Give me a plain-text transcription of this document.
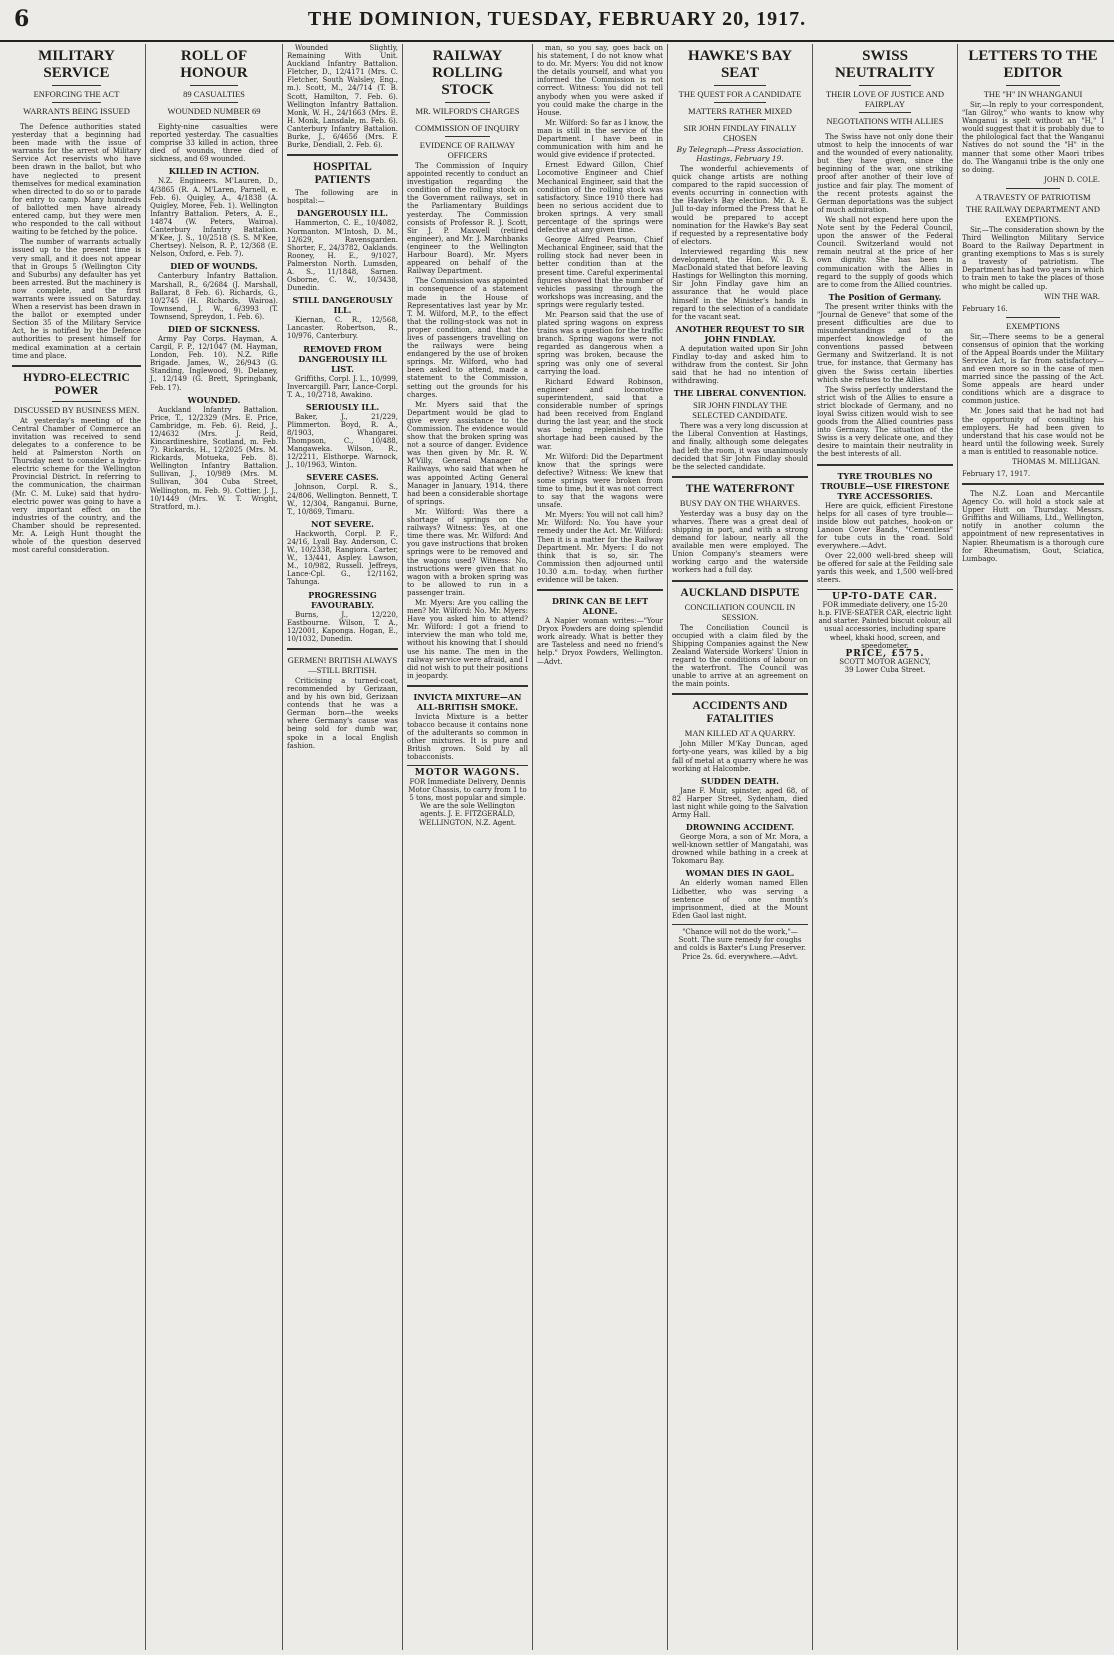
6	THE DOMINION, TUESDAY, FEBRUARY 20, 1917.
MILITARY SERVICE
ENFORCING THE ACT
WARRANTS BEING ISSUED

The Defence authorities stated yesterday that a beginning had been made with the issue of warrants for the arrest of Military Service Act reservists who have been drawn in the ballot, but who have neglected to present themselves for medical examination when directed to do so or to parade for entry to camp. Many hundreds of ballotted men have already entered camp, but they were men who responded to the call without waiting to be fetched by the police.

The number of warrants actually issued up to the present time is very small, and it does not appear that in Groups 5 (Wellington City and Suburbs) any defaulter has yet been arrested. But the machinery is now complete, and the first warrants were issued on Saturday. When a reservist has been drawn in the ballot or exempted under Section 35 of the Military Service Act, he is notified by the Defence authorities to present himself for medical examination at a certain time and place.

HYDRO-ELECTRIC POWER
DISCUSSED BY BUSINESS MEN.

At yesterday's meeting of the Central Chamber of Commerce an invitation was received to send delegates to a conference to be held at Palmerston North on Thursday next to consider a hydro-electric scheme for the Wellington Provincial District. In referring to the communication, the chairman (Mr. C. M. Luke) said that hydro-electric power was going to have a very important effect on the industries of the country, and the Chamber should be represented. Mr. A. Leigh Hunt thought the whole of the question deserved most careful consideration.

ROLL OF HONOUR
89 CASUALTIES
WOUNDED NUMBER 69

Eighty-nine casualties were reported yesterday. The casualties comprise 33 killed in action, three died of wounds, three died of sickness, and 69 wounded.

KILLED IN ACTION.

N.Z. Engineers. M'Lauren, D., 4/3865 (R. A. M'Laren, Parnell, e. Feb. 6). Quigley, A., 4/1838 (A. Quigley, Moree, Feb. 1). Wellington Infantry Battalion. Peters, A. E., 14874 (W. Peters, Wairoa). Canterbury Infantry Battalion. M'Kee, J. S., 10/2518 (S. S. M'Kee, Chertsey). Nelson, R. P., 12/368 (E. Nelson, Oxford, e. Feb. 7).

DIED OF WOUNDS.

Canterbury Infantry Battalion. Marshall, R., 6/2684 (J. Marshall, Ballarat, 8 Feb. 6). Richards, G., 10/2745 (H. Richards, Wairoa). Townsend, J. W., 6/3993 (T. Townsend, Spreydon, 1. Feb. 6).

DIED OF SICKNESS.

Army Pay Corps. Hayman, A. Cargil, F. P., 12/1047 (M. Hayman, London, Feb. 10). N.Z. Rifle Brigade. James, W., 26/943 (G. Standing, Inglewood, 9). Delaney, J., 12/149 (G. Brett, Springbank, Feb. 17).

WOUNDED.

Auckland Infantry Battalion. Price, T., 12/2329 (Mrs. E. Price, Cambridge, m. Feb. 6). Reid, J., 12/4632 (Mrs. J. Reid, Kincardineshire, Scotland, m. Feb. 7). Rickards, H., 12/2025 (Mrs. M. Rickards, Motueka, Feb. 8). Wellington Infantry Battalion. Sullivan, J., 10/989 (Mrs. M. Sullivan, 304 Cuba Street, Wellington, m. Feb. 9). Cottier, J. J., 10/1449 (Mrs. W. T. Wright, Stratford, m.).

Wounded Slightly, Remaining With Unit. Auckland Infantry Battalion. Fletcher, D., 12/4171 (Mrs. C. Fletcher, South Walsley, Eng., m.). Scott, M., 24/714 (T. B. Scott, Hamilton, 7. Feb. 6). Wellington Infantry Battalion. Monk, W. H., 24/1663 (Mrs. E. H. Monk, Lansdale, m. Feb. 6). Canterbury Infantry Battalion. Burke, J., 6/4656 (Mrs. F. Burke, Dendiall, 2. Feb. 6).

HOSPITAL PATIENTS

The following are in hospital:—

DANGEROUSLY ILL.

Hammerton, C. E., 10/4082, Normanton. M'Intosh, D. M., 12/629, Ravensgarden. Shorter, F., 24/3782, Oaklands. Rooney, H. E., 9/1027, Palmerston North. Lumsden, A. S., 11/1848, Sarnen. Osborne, C. W., 10/3438, Dunedin.

STILL DANGEROUSLY ILL.

Kiernan, C. R., 12/568, Lancaster. Robertson, R., 10/976, Canterbury.

REMOVED FROM DANGEROUSLY ILL LIST.

Griffiths, Corpl. J. L., 10/999, Invercargill. Parr, Lance-Corpl. T. A., 10/2718, Awakino.

SERIOUSLY ILL.

Baker, J., 21/229, Plimmerton. Boyd, R. A., 8/1903, Whangarei. Thompson, C., 10/488, Mangaweka. Wilson, R., 12/2211, Elsthorpe. Warnock, J., 10/1963, Winton.

SEVERE CASES.

Johnson, Corpl. R. S., 24/806, Wellington. Bennett, T. W., 12/304, Ranganui. Burne, T., 10/869, Timaru.

NOT SEVERE.

Hackworth, Corpl. P. F., 24/16, Lyall Bay. Anderson, C. W., 10/2338, Rangiora. Carter, W., 13/441, Aspley. Lawson, M., 10/982, Russell. Jeffreys, Lance-Cpl. G., 12/1162, Tahunga.

PROGRESSING FAVOURABLY.

Burns, J., 12/220, Eastbourne. Wilson, T. A., 12/2001, Kaponga. Hogan, E., 10/1032, Dunedin.

GERMEN! BRITISH ALWAYS—STILL BRITISH.

Criticising a turned-coat, recommended by Gerizaan, and by his own bid, Gerizaan contends that he was a German born—the weeks where Germany's cause was being sold for dumb war, spoke in a local English fashion.

RAILWAY ROLLING STOCK
MR. WILFORD'S CHARGES
COMMISSION OF INQUIRY
EVIDENCE OF RAILWAY OFFICERS

The Commission of Inquiry appointed recently to conduct an investigation regarding the condition of the rolling stock on the Government railways, set in the Parliamentary Buildings yesterday. The Commission consists of Professor R. J. Scott, Sir J. P. Maxwell (retired engineer), and Mr. J. Marchbanks (engineer to the Wellington Harbour Board). Mr. Myers appeared on behalf of the Railway Department.

The Commission was appointed in consequence of a statement made in the House of Representatives last year by Mr. T. M. Wilford, M.P., to the effect that the rolling-stock was not in proper condition, and that the lives of passengers travelling on the railways were being endangered by the use of broken springs. Mr. Wilford, who had been asked to attend, made a statement to the Commission, setting out the grounds for his charges.

Mr. Myers said that the Department would be glad to give every assistance to the Commission. The evidence would show that the broken spring was not a source of danger. Evidence was then given by Mr. R. W. M'Villy, General Manager of Railways, who said that when he was appointed Acting General Manager in January, 1914, there had been a considerable shortage of springs.

Mr. Wilford: Was there a shortage of springs on the railways? Witness: Yes, at one time there was. Mr. Wilford: And you gave instructions that broken springs were to be removed and the wagons used? Witness: No, instructions were given that no wagon with a broken spring was to be allowed to run in a passenger train.

Mr. Myers: Are you calling the men? Mr. Wilford: No. Mr. Myers: Have you asked him to attend? Mr. Wilford: I got a friend to interview the man who told me, without his knowing that I should use his name. The men in the railway service were afraid, and I did not wish to put their positions in jeopardy.

INVICTA MIXTURE—AN ALL-BRITISH SMOKE.

Invicta Mixture is a better tobacco because it contains none of the adulterants so common in other mixtures. It is pure and British grown. Sold by all tobacconists.

MOTOR WAGONS.
FOR Immediate Delivery, Dennis Motor Chassis, to carry from 1 to 5 tons, most popular and simple. We are the sole Wellington agents. J. E. FITZGERALD, WELLINGTON, N.Z. Agent.

man, so you say, goes back on his statement, I do not know what to do. Mr. Myers: You did not know the details yourself, and what you informed the Commission is not correct. Witness: You did not tell anybody when you were asked if you could make the charge in the House.

Mr. Wilford: So far as I know, the man is still in the service of the Department. I have been in communication with him and he would give evidence if protected.

Ernest Edward Gillon, Chief Locomotive Engineer and Chief Mechanical Engineer, said that the condition of the rolling stock was satisfactory. Since 1910 there had been no serious accident due to broken springs. A very small percentage of the springs were defective at any given time.

George Alfred Pearson, Chief Mechanical Engineer, said that the rolling stock had never been in better condition than at the present time. Careful experimental figures showed that the number of vehicles passing through the workshops was increasing, and the springs were regularly tested.

Mr. Pearson said that the use of plated spring wagons on express trains was a question for the traffic branch. Spring wagons were not regarded as dangerous when a spring was broken, because the spring was only one of several carrying the load.

Richard Edward Robinson, engineer and locomotive superintendent, said that a considerable number of springs had been received from England during the last year, and the stock was being replenished. The shortage had been caused by the war.

Mr. Wilford: Did the Department know that the springs were defective? Witness: We knew that some springs were broken from time to time, but it was not correct to say that the wagons were unsafe.

Mr. Myers: You will not call him? Mr. Wilford: No. You have your remedy under the Act. Mr. Wilford: Then it is a matter for the Railway Department. Mr. Myers: I do not think that is so, sir. The Commission then adjourned until 10.30 a.m. to-day, when further evidence will be taken.

DRINK CAN BE LEFT ALONE.

A Napier woman writes:—"Your Dryox Powders are doing splendid work already. What is better they are Tasteless and need no friend's help." Dryox Powders, Wellington.—Advt.

HAWKE'S BAY SEAT
THE QUEST FOR A CANDIDATE
MATTERS RATHER MIXED
SIR JOHN FINDLAY FINALLY CHOSEN
By Telegraph—Press Association. Hastings, February 19.

The wonderful achievements of quick change artists are nothing compared to the rapid succession of events occurring in connection with the Hawke's Bay election. Mr. A. E. Jull to-day informed the Press that he would be prepared to accept nomination for the Hawke's Bay seat if requested by a representative body of electors.

Interviewed regarding this new development, the Hon. W. D. S. MacDonald stated that before leaving Hastings for Wellington this morning, Sir John Findlay gave him an assurance that he would place himself in the Minister's hands in regard to the selection of a candidate for the vacant seat.

ANOTHER REQUEST TO SIR JOHN FINDLAY.

A deputation waited upon Sir John Findlay to-day and asked him to withdraw from the contest. Sir John said that he had no intention of withdrawing.

THE LIBERAL CONVENTION.
SIR JOHN FINDLAY THE SELECTED CANDIDATE.

There was a very long discussion at the Liberal Convention at Hastings, and finally, although some delegates had left the room, it was unanimously decided that Sir John Findlay should be the selected candidate.

THE WATERFRONT
BUSY DAY ON THE WHARVES.

Yesterday was a busy day on the wharves. There was a great deal of shipping in port, and with a strong demand for labour, nearly all the available men were employed. The Union Company's steamers were working cargo and the waterside workers had a full day.

AUCKLAND DISPUTE
CONCILIATION COUNCIL IN SESSION.

The Conciliation Council is occupied with a claim filed by the Shipping Companies against the New Zealand Waterside Workers' Union in regard to the conditions of labour on the waterfront. The Council was unable to arrive at an agreement on the main points.

ACCIDENTS AND FATALITIES
MAN KILLED AT A QUARRY.

John Miller M'Kay Duncan, aged forty-one years, was killed by a big fall of metal at a quarry where he was working at Halcombe.

SUDDEN DEATH.

Jane F. Muir, spinster, aged 68, of 82 Harper Street, Sydenham, died last night while going to the Salvation Army Hall.

DROWNING ACCIDENT.

George Mora, a son of Mr. Mora, a well-known settler of Mangatahi, was drowned while bathing in a creek at Tokomaru Bay.

WOMAN DIES IN GAOL.

An elderly woman named Ellen Lidbetter, who was serving a sentence of one month's imprisonment, died at the Mount Eden Gaol last night.

"Chance will not do the work,"—Scott. The sure remedy for coughs and colds is Baxter's Lung Preserver. Price 2s. 6d. everywhere.—Advt.
SWISS NEUTRALITY
THEIR LOVE OF JUSTICE AND FAIRPLAY
NEGOTIATIONS WITH ALLIES

The Swiss have not only done their utmost to help the innocents of war and the wounded of every nationality, but they have given, since the beginning of the war, one striking proof after another of their love of justice and fair play. The moment of the recent protests against the German deportations was the subject of much admiration.

We shall not expend here upon the Note sent by the Federal Council, upon the answer of the Federal Council. Switzerland would not remain neutral at the price of her own dignity. She has been in communication with the Allies in regard to the supply of goods which are to come from the Allied countries.

The Position of Germany.

The present writer thinks with the "Journal de Geneve" that some of the present difficulties are due to misunderstandings and to an imperfect knowledge of the conventions passed between Germany and Switzerland. It is not true, for instance, that Germany has given the Swiss certain liberties which she refuses to the Allies.

The Swiss perfectly understand the strict wish of the Allies to ensure a strict blockade of Germany, and no loyal Swiss citizen would wish to see goods from the Allied countries pass into Germany. The situation of the Swiss is a very delicate one, and they desire to maintain their neutrality in the best interests of all.

TYRE TROUBLES NO TROUBLE—USE FIRESTONE TYRE ACCESSORIES.

Here are quick, efficient Firestone helps for all cases of tyre trouble—inside blow out patches, hook-on or Lanoon Cover Bands, "Cementless" for tube cuts in the road. Sold everywhere.—Advt.

Over 22,000 well-bred sheep will be offered for sale at the Feilding sale yards this week, and 1,500 well-bred steers.

UP-TO-DATE CAR.
FOR immediate delivery, one 15-20 h.p. FIVE-SEATER CAR, electric light and starter. Painted biscuit colour, all usual accessories, including spare wheel, khaki hood, screen, and speedometer.
PRICE, £575.
SCOTT MOTOR AGENCY,
39 Lower Cuba Street.
LETTERS TO THE EDITOR
THE "H" IN WHANGANUI

Sir,—In reply to your correspondent, "Ian Gilroy," who wants to know why Wanganui is spelt without an "H," I would suggest that it is probably due to the philological fact that the Wanganui Natives do not sound the "H" in the manner that some other Maori tribes do. The Wanganui tribe is the only one so doing.

JOHN D. COLE.
A TRAVESTY OF PATRIOTISM
THE RAILWAY DEPARTMENT AND EXEMPTIONS.

Sir,—The consideration shown by the Third Wellington Military Service Board to the Railway Department in granting exemptions to Mas s is surely a travesty of patriotism. The Department has had two years in which to train men to take the places of those who might be called up.

WIN THE WAR.
February 16.
EXEMPTIONS

Sir,—There seems to be a general consensus of opinion that the working of the Appeal Boards under the Military Service Act, is far from satisfactory—and even more so in the case of men married since the passing of the Act. Some appeals are heard under conditions which are a disgrace to common justice.

Mr. Jones said that he had not had the opportunity of consulting his employers. He had been given to understand that his case would not be heard until the following week. Surely a man is entitled to reasonable notice.

THOMAS M. MILLIGAN.
February 17, 1917.

The N.Z. Loan and Mercantile Agency Co. will hold a stock sale at Upper Hutt on Thursday. Messrs. Griffiths and Williams, Ltd., Wellington, notify in another column the appointment of new representatives in Napier. Rheumatism is a thorough cure for Rheumatism, Gout, Sciatica, Lumbago.
